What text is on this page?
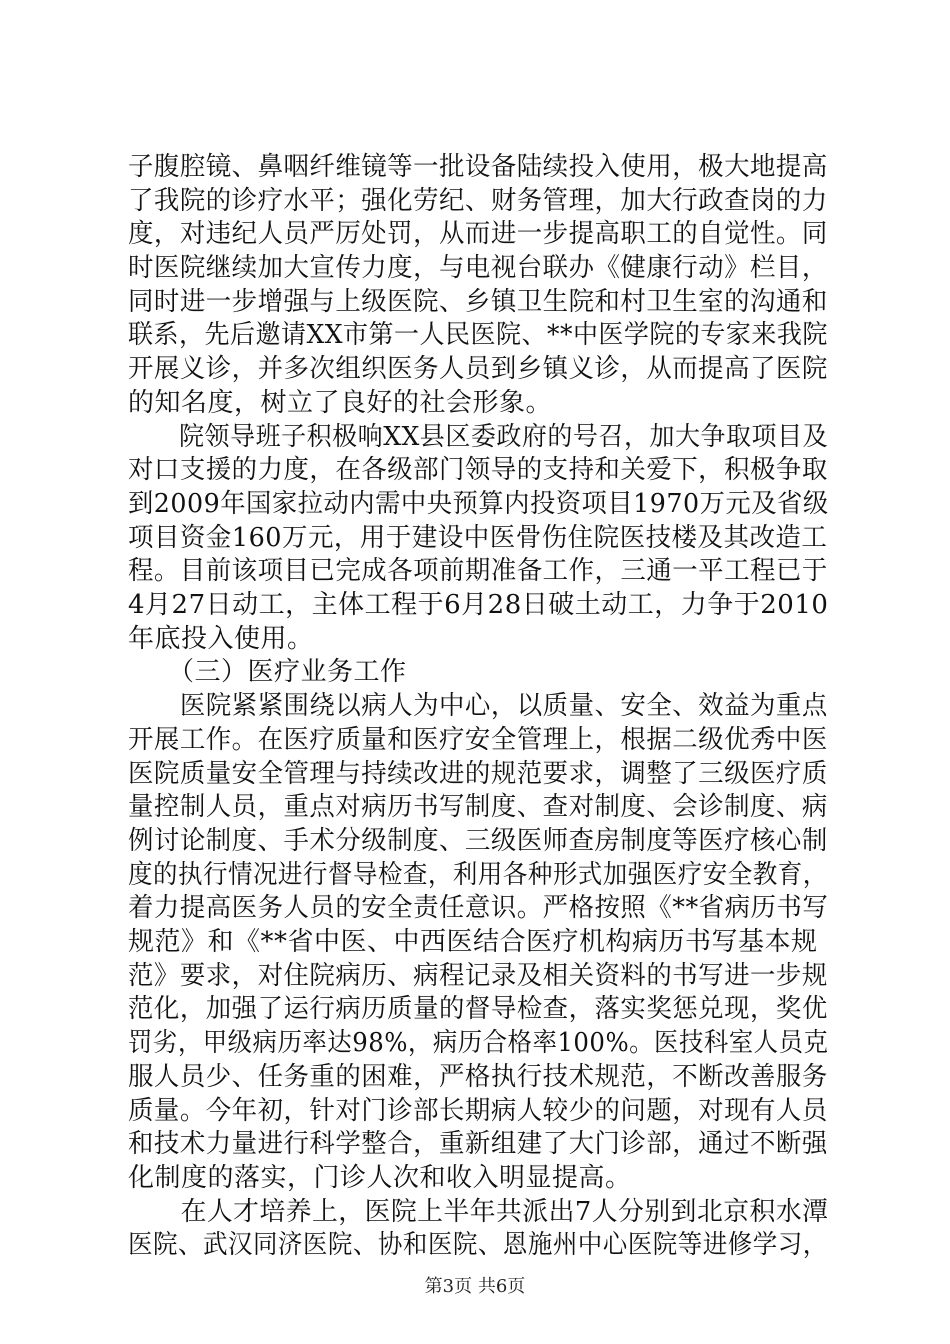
子腹腔镜、鼻咽纤维镜等一批设备陆续投入使用，极大地提高
了我院的诊疗水平；强化劳纪、财务管理，加大行政查岗的力
度，对违纪人员严厉处罚，从而进一步提高职工的自觉性。同
时医院继续加大宣传力度，与电视台联办《健康行动》栏目，
同时进一步增强与上级医院、乡镇卫生院和村卫生室的沟通和
联系，先后邀请XX市第一人民医院、**中医学院的专家来我院
开展义诊，并多次组织医务人员到乡镇义诊，从而提高了医院
的知名度，树立了良好的社会形象。
　　院领导班子积极响XX县区委政府的号召，加大争取项目及
对口支援的力度，在各级部门领导的支持和关爱下，积极争取
到2009年国家拉动内需中央预算内投资项目1970万元及省级
项目资金160万元，用于建设中医骨伤住院医技楼及其改造工
程。目前该项目已完成各项前期准备工作，三通一平工程已于
4月27日动工，主体工程于6月28日破土动工，力争于2010
年底投入使用。
　　（三）医疗业务工作
　　医院紧紧围绕以病人为中心，以质量、安全、效益为重点
开展工作。在医疗质量和医疗安全管理上，根据二级优秀中医
医院质量安全管理与持续改进的规范要求，调整了三级医疗质
量控制人员，重点对病历书写制度、查对制度、会诊制度、病
例讨论制度、手术分级制度、三级医师查房制度等医疗核心制
度的执行情况进行督导检查，利用各种形式加强医疗安全教育，
着力提高医务人员的安全责任意识。严格按照《**省病历书写
规范》和《**省中医、中西医结合医疗机构病历书写基本规
范》要求，对住院病历、病程记录及相关资料的书写进一步规
范化，加强了运行病历质量的督导检查，落实奖惩兑现，奖优
罚劣，甲级病历率达98%，病历合格率100%。医技科室人员克
服人员少、任务重的困难，严格执行技术规范，不断改善服务
质量。今年初，针对门诊部长期病人较少的问题，对现有人员
和技术力量进行科学整合，重新组建了大门诊部，通过不断强
化制度的落实，门诊人次和收入明显提高。
　　在人才培养上，医院上半年共派出7人分别到北京积水潭
医院、武汉同济医院、协和医院、恩施州中心医院等进修学习，
第3页 共6页
